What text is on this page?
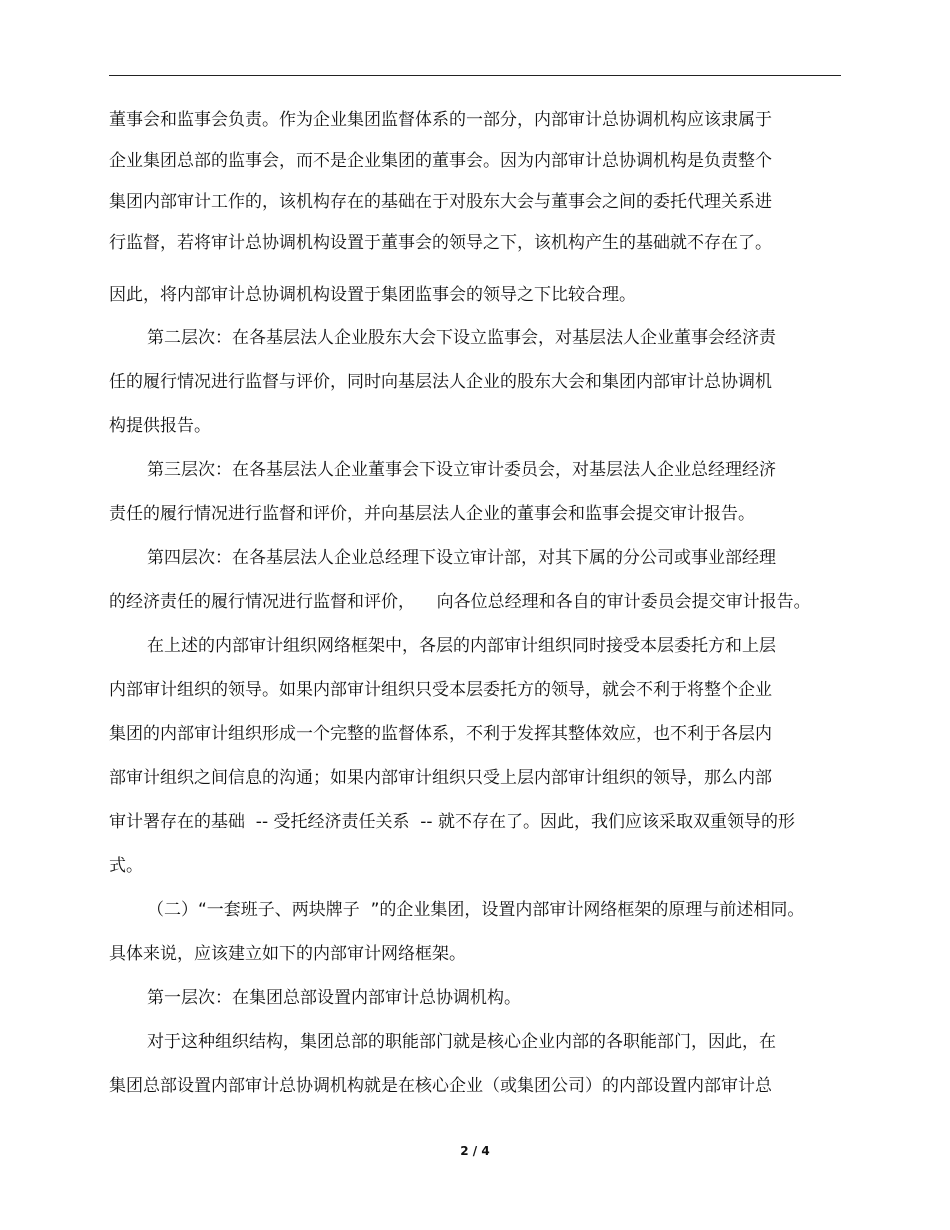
董事会和监事会负责。作为企业集团监督体系的一部分，内部审计总协调机构应该隶属于
企业集团总部的监事会，而不是企业集团的董事会。因为内部审计总协调机构是负责整个
集团内部审计工作的，该机构存在的基础在于对股东大会与董事会之间的委托代理关系进
行监督，若将审计总协调机构设置于董事会的领导之下，该机构产生的基础就不存在了。
因此，将内部审计总协调机构设置于集团监事会的领导之下比较合理。
第二层次：在各基层法人企业股东大会下设立监事会，对基层法人企业董事会经济责
任的履行情况进行监督与评价，同时向基层法人企业的股东大会和集团内部审计总协调机
构提供报告。
第三层次：在各基层法人企业董事会下设立审计委员会，对基层法人企业总经理经济
责任的履行情况进行监督和评价，并向基层法人企业的董事会和监事会提交审计报告。
第四层次：在各基层法人企业总经理下设立审计部，对其下属的分公司或事业部经理
的经济责任的履行情况进行监督和评价，    向各位总经理和各自的审计委员会提交审计报告。
在上述的内部审计组织网络框架中，各层的内部审计组织同时接受本层委托方和上层
内部审计组织的领导。如果内部审计组织只受本层委托方的领导，就会不利于将整个企业
集团的内部审计组织形成一个完整的监督体系，不利于发挥其整体效应，也不利于各层内
部审计组织之间信息的沟通；如果内部审计组织只受上层内部审计组织的领导，那么内部
审计署存在的基础  -- 受托经济责任关系  -- 就不存在了。因此，我们应该采取双重领导的形
式。
（二）“一套班子、两块牌子  ”的企业集团，设置内部审计网络框架的原理与前述相同。
具体来说，应该建立如下的内部审计网络框架。
第一层次：在集团总部设置内部审计总协调机构。
对于这种组织结构，集团总部的职能部门就是核心企业内部的各职能部门，因此，在
集团总部设置内部审计总协调机构就是在核心企业（或集团公司）的内部设置内部审计总
2 / 4
